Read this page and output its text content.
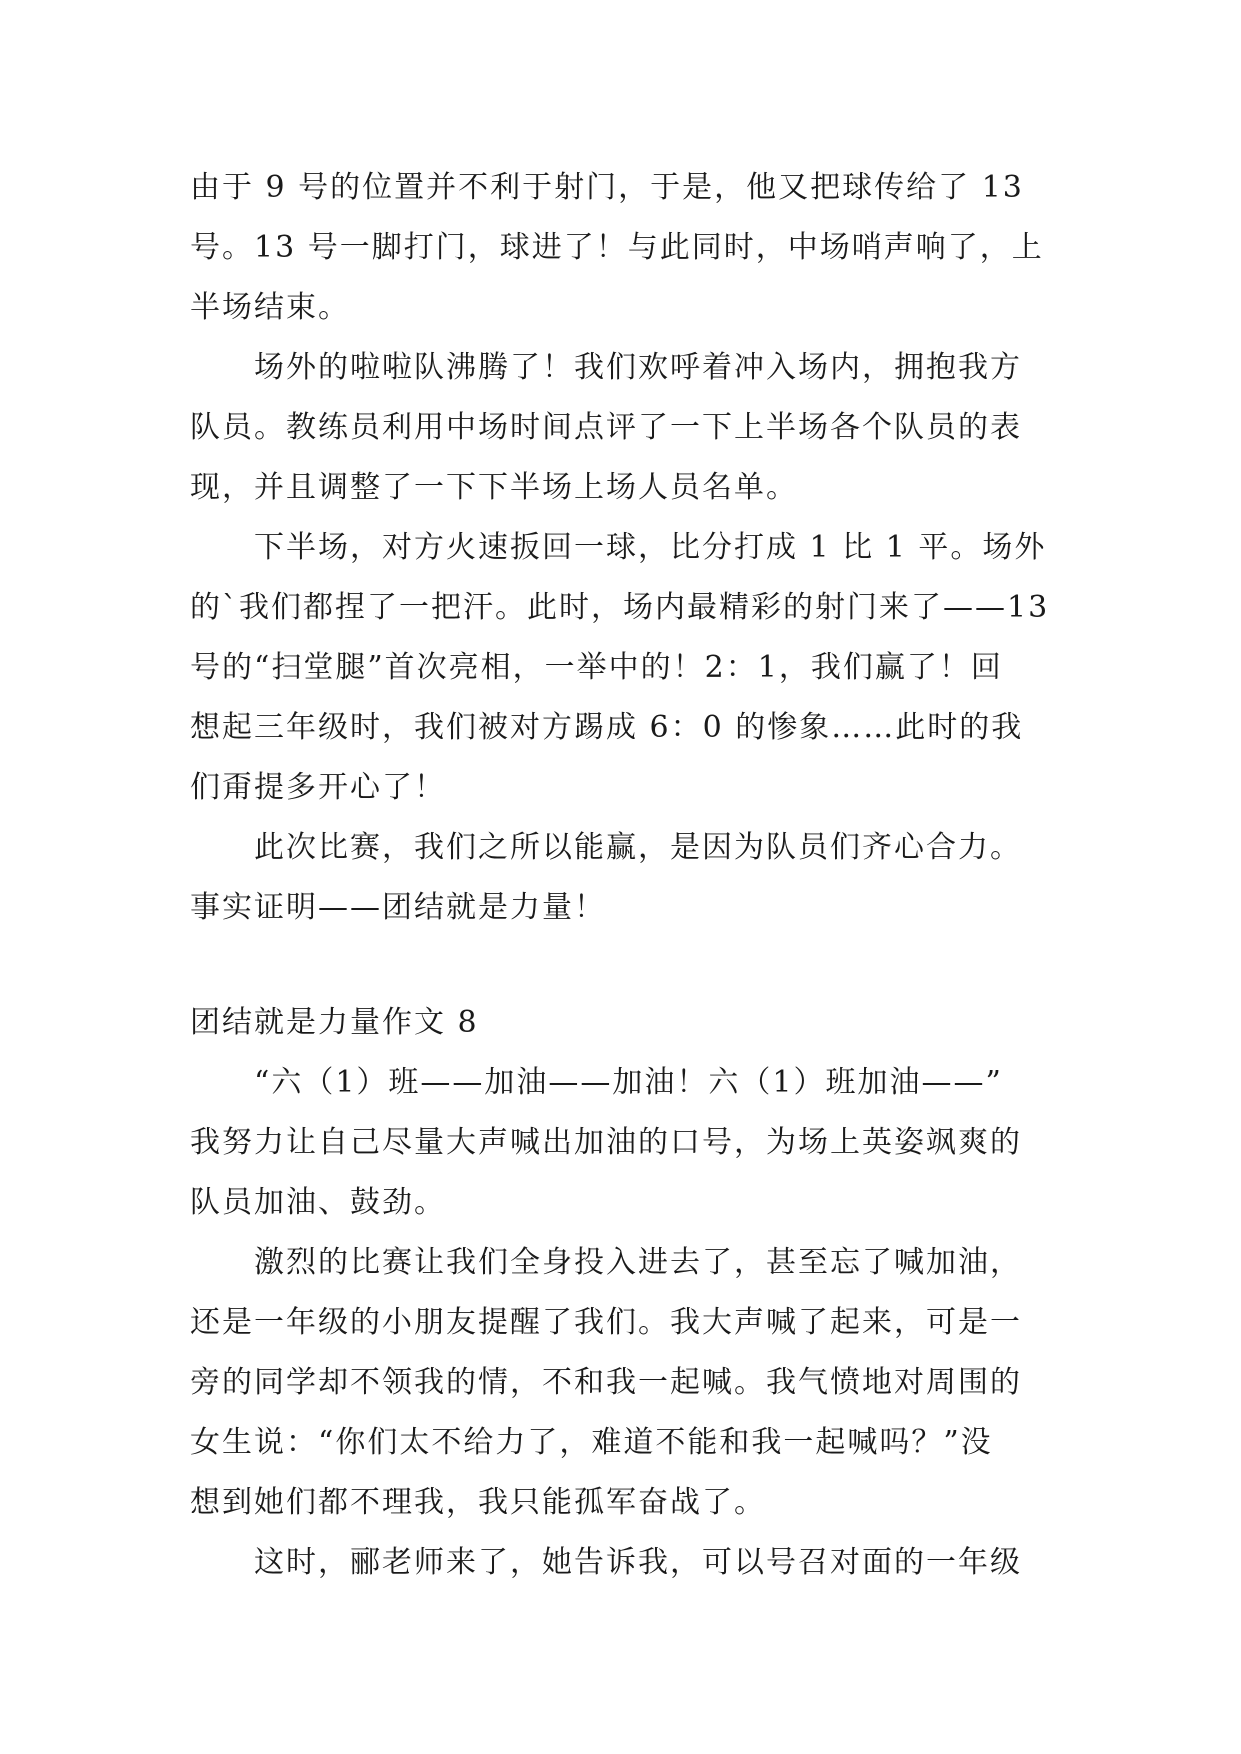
由于 9 号的位置并不利于射门，于是，他又把球传给了 13
号。13 号一脚打门，球进了！与此同时，中场哨声响了，上
半场结束。
场外的啦啦队沸腾了！我们欢呼着冲入场内，拥抱我方
队员。教练员利用中场时间点评了一下上半场各个队员的表
现，并且调整了一下下半场上场人员名单。
下半场，对方火速扳回一球，比分打成 1 比 1 平。场外
的`我们都捏了一把汗。此时，场内最精彩的射门来了——13
号的“扫堂腿”首次亮相，一举中的！2：1，我们赢了！回
想起三年级时，我们被对方踢成 6：0 的惨象……此时的我
们甭提多开心了！
此次比赛，我们之所以能赢，是因为队员们齐心合力。
事实证明——团结就是力量！
团结就是力量作文 8
“六（1）班——加油——加油！六（1）班加油——”
我努力让自己尽量大声喊出加油的口号，为场上英姿飒爽的
队员加油、鼓劲。
激烈的比赛让我们全身投入进去了，甚至忘了喊加油，
还是一年级的小朋友提醒了我们。我大声喊了起来，可是一
旁的同学却不领我的情，不和我一起喊。我气愤地对周围的
女生说：“你们太不给力了，难道不能和我一起喊吗？”没
想到她们都不理我，我只能孤军奋战了。
这时，郦老师来了，她告诉我，可以号召对面的一年级
